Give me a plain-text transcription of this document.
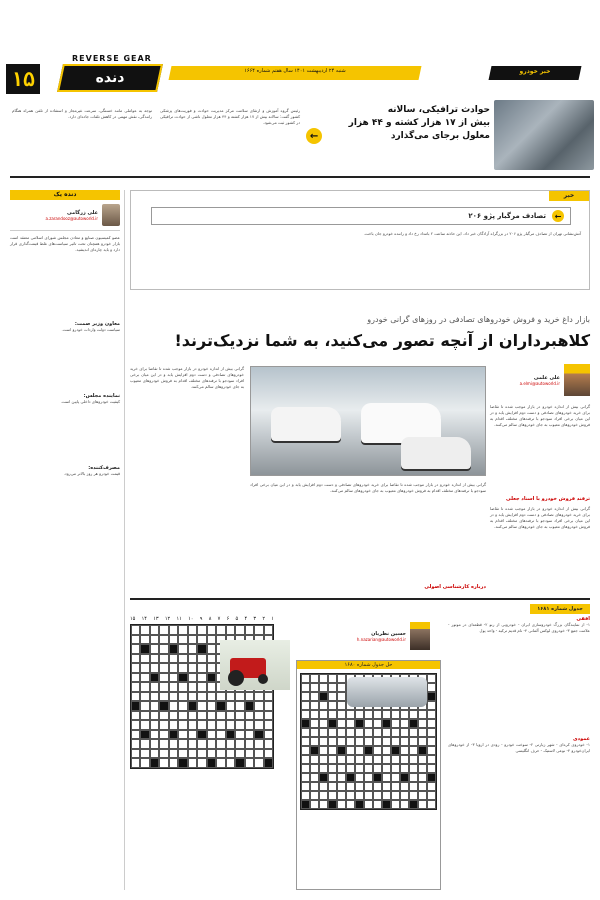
REVERSE GEAR
۱۵	دنده معکوس
شنبه ۲۴ اردیبهشت ۱۴۰۱ سال هفتم شماره ۱۶۶۴	خبر خودرو
حوادث ترافیکی، سالانه
بیش از ۱۷ هزار کشته و ۴۴ هزار
معلول برجای می‌گذارد
←
رئیس گروه آموزش و ارتقای سلامت مرکز مدیریت حوادث و فوریت‌های پزشکی کشور گفت: سالانه بیش از ۱۷ هزار کشته و ۴۴ هزار معلول ناشی از حوادث ترافیکی در کشور ثبت می‌شود.
توجه به عواملی مانند خستگی، سرعت غیرمجاز و استفاده از تلفن همراه هنگام رانندگی، نقش مهمی در کاهش تلفات جاده‌ای دارد.
دنده یک
علی زرگامی
a.zarandooz@autoworld.ir
عضو کمیسیون صنایع و معادن مجلس شورای اسلامی معتقد است بازار خودرو همچنان تحت تاثیر سیاست‌های غلط قیمت‌گذاری قرار دارد و باید چاره‌ای اندیشید.
معاون وزیر صمت:
سیاست دولت واردات خودرو است.
نماینده مجلس:
کیفیت خودروهای داخلی پایین است.
مصرف‌کننده:
قیمت خودرو هر روز بالاتر می‌رود.
خبر
←
تصادف مرگبار پژو ۲۰۶
آتش‌نشانی تهران از تصادف مرگبار پژو ۲۰۶ در بزرگراه آزادگان خبر داد. این حادثه ساعت ۲ بامداد رخ داد و راننده خودرو جان باخت.
بازار داغ خرید و فروش خودروهای تصادفی در روزهای گرانی خودرو
کلاهبرداران از آنچه تصور می‌کنید، به شما نزدیک‌ترند!
علی علمی
a.elmi@autoworld.ir
گرانی بیش از اندازه خودرو در بازار موجب شده تا تقاضا برای خرید خودروهای تصادفی و دست دوم افزایش یابد و در این میان برخی افراد سودجو با ترفندهای مختلف اقدام به فروش خودروهای معیوب به جای خودروهای سالم می‌کنند.
ترفند فروش خودرو با اسناد جعلی
گرانی بیش از اندازه خودرو در بازار موجب شده تا تقاضا برای خرید خودروهای تصادفی و دست دوم افزایش یابد و در این میان برخی افراد سودجو با ترفندهای مختلف اقدام به فروش خودروهای معیوب به جای خودروهای سالم می‌کنند.
گرانی بیش از اندازه خودرو در بازار موجب شده تا تقاضا برای خرید خودروهای تصادفی و دست دوم افزایش یابد و در این میان برخی افراد سودجو با ترفندهای مختلف اقدام به فروش خودروهای معیوب به جای خودروهای سالم می‌کنند.
درباره کارشناسی اصولی
گرانی بیش از اندازه خودرو در بازار موجب شده تا تقاضا برای خرید خودروهای تصادفی و دست دوم افزایش یابد و در این میان برخی افراد سودجو با ترفندهای مختلف اقدام به فروش خودروهای معیوب به جای خودروهای سالم می‌کنند.
جدول شماره ۱۶۸۱
۱۵ ۱۴ ۱۳ ۱۲ ۱۱ ۱۰ ۹ ۸ ۷ ۶ ۵ ۴ ۳ ۲ ۱
حسین نظریان
h.nazarian@autoworld.ir
حل جدول شماره ۱۶۸۰
افقی
۱- از نمایندگان بزرگ خودروسازی ایران - خودرویی از رنو ۲- قطعه‌ای در موتور - علامت جمع ۳- خودروی لوکس آلمانی ۴- نام قدیم ترکیه - واحد پول
عمودی
۱- خودروی کره‌ای - شهر زیارتی ۲- سوخت خودرو - رودی در اروپا ۳- از خودروهای ایران‌خودرو ۴- نوعی لاستیک - حرف انگلیسی
